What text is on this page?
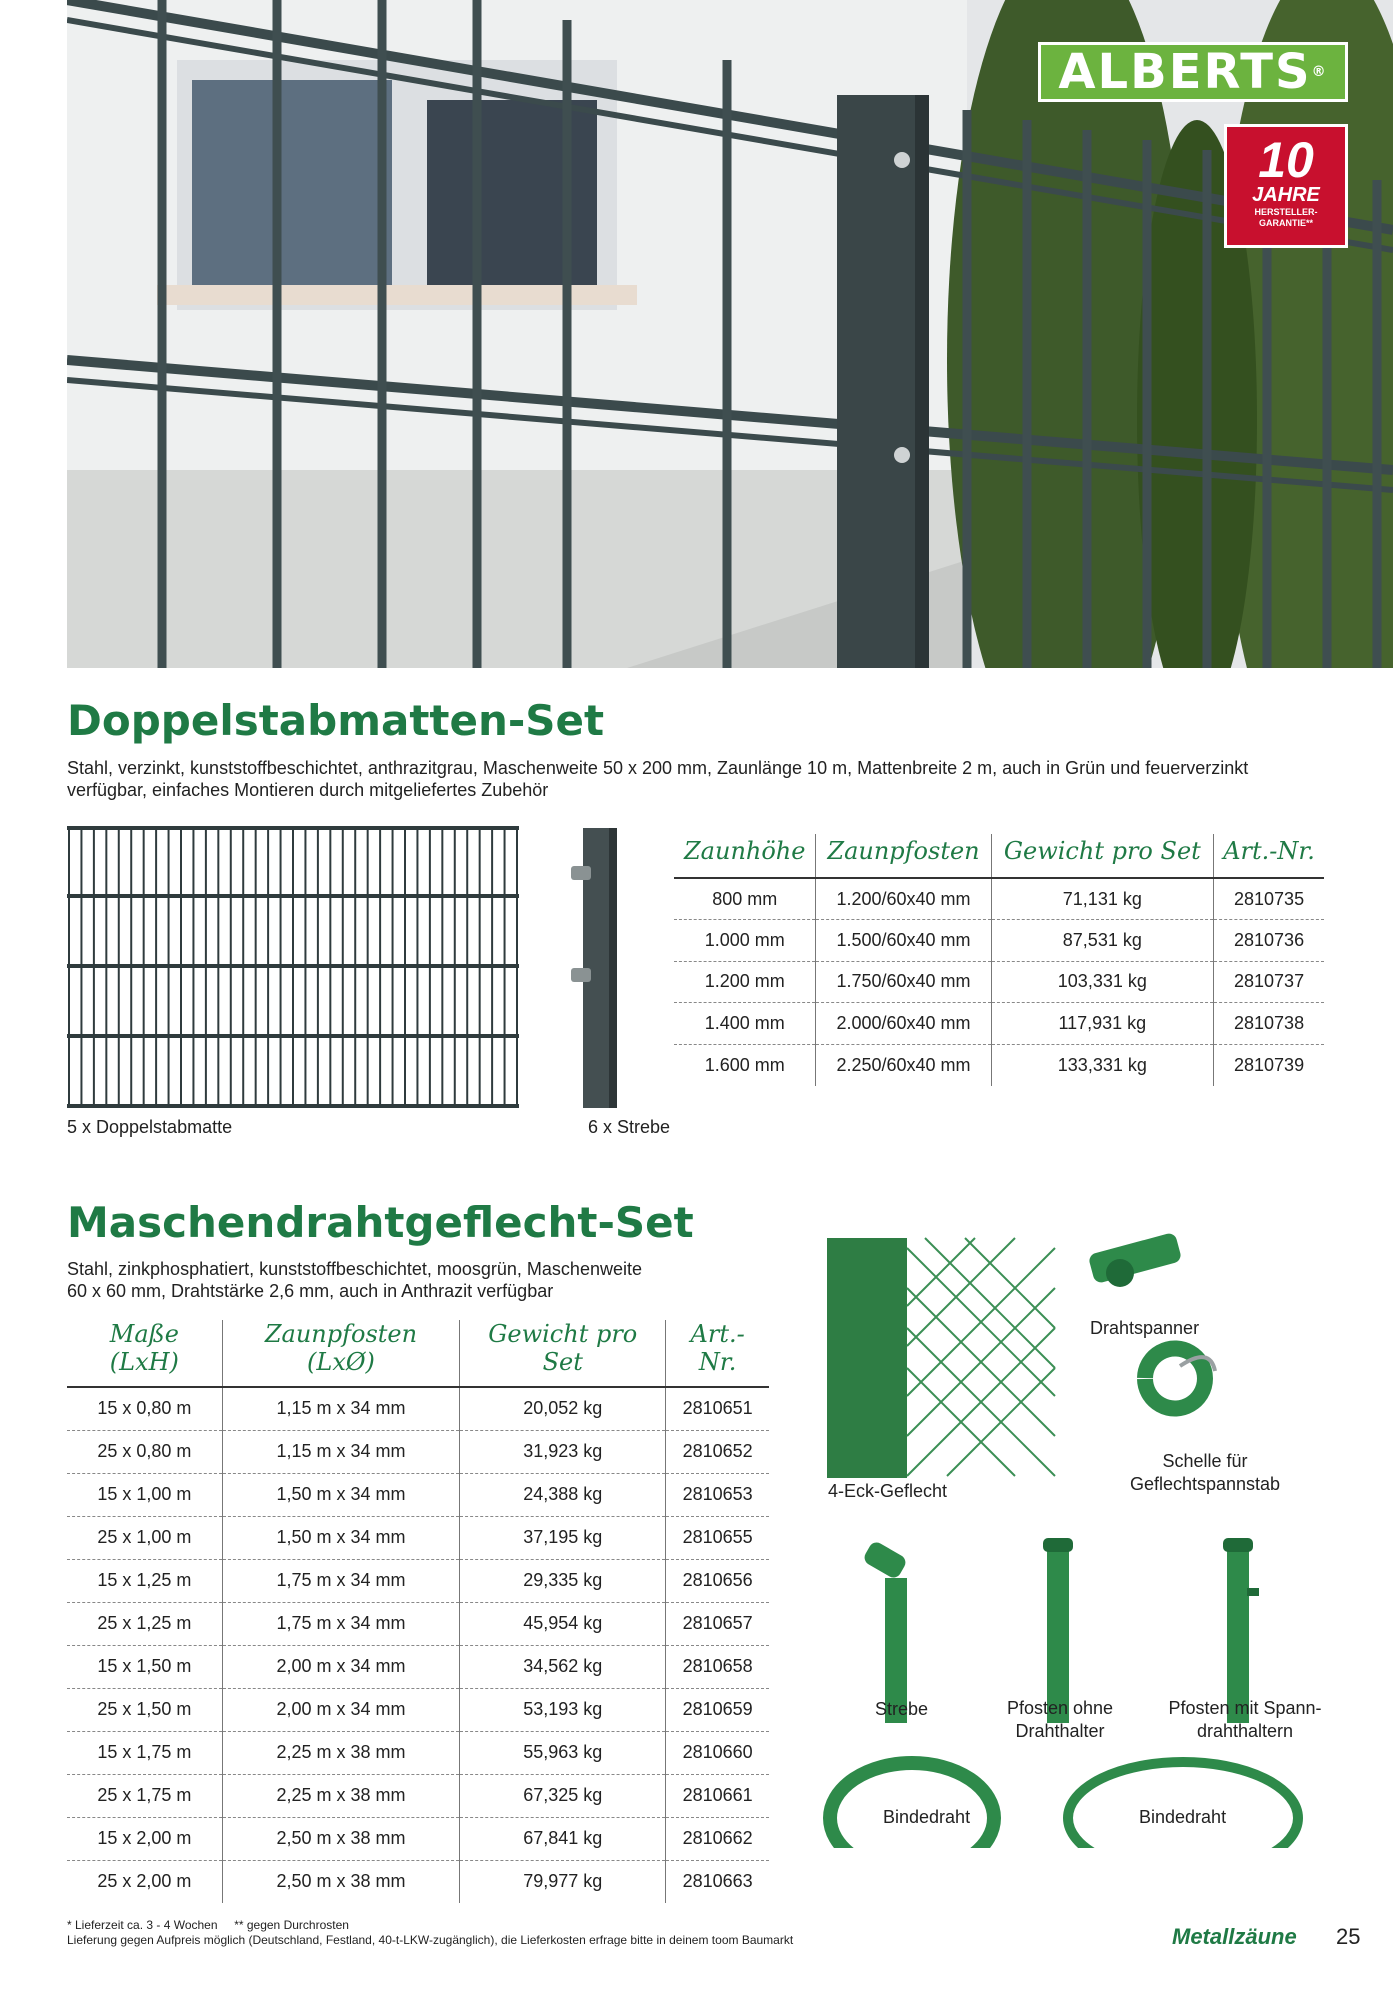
ALBERTS ®
10
JAHRE
HERSTELLER-
GARANTIE**
Doppelstabmatten-Set
Stahl, verzinkt, kunststoffbeschichtet, anthrazitgrau, Maschenweite 50 x 200 mm, Zaunlänge 10 m, Mattenbreite 2 m, auch in Grün und feuerverzinkt
verfügbar, einfaches Montieren durch mitgeliefertes Zubehör
5 x Doppelstabmatte	6 x Strebe
Zaunhöhe	Zaunpfosten	Gewicht pro Set	Art.-Nr.
800 mm	1.200/60x40 mm	71,131 kg	2810735
1.000 mm	1.500/60x40 mm	87,531 kg	2810736
1.200 mm	1.750/60x40 mm	103,331 kg	2810737
1.400 mm	2.000/60x40 mm	117,931 kg	2810738
1.600 mm	2.250/60x40 mm	133,331 kg	2810739
Maschendrahtgeflecht-Set
Stahl, zinkphosphatiert, kunststoffbeschichtet, moosgrün, Maschenweite
60 x 60 mm, Drahtstärke 2,6 mm, auch in Anthrazit verfügbar
Maße (LxH)	Zaunpfosten (LxØ)	Gewicht pro Set	Art.-Nr.
15 x 0,80 m	1,15 m x 34 mm	20,052 kg	2810651
25 x 0,80 m	1,15 m x 34 mm	31,923 kg	2810652
15 x 1,00 m	1,50 m x 34 mm	24,388 kg	2810653
25 x 1,00 m	1,50 m x 34 mm	37,195 kg	2810655
15 x 1,25 m	1,75 m x 34 mm	29,335 kg	2810656
25 x 1,25 m	1,75 m x 34 mm	45,954 kg	2810657
15 x 1,50 m	2,00 m x 34 mm	34,562 kg	2810658
25 x 1,50 m	2,00 m x 34 mm	53,193 kg	2810659
15 x 1,75 m	2,25 m x 38 mm	55,963 kg	2810660
25 x 1,75 m	2,25 m x 38 mm	67,325 kg	2810661
15 x 2,00 m	2,50 m x 38 mm	67,841 kg	2810662
25 x 2,00 m	2,50 m x 38 mm	79,977 kg	2810663
4-Eck-Geflecht
Drahtspanner
Schelle für
Geflechtspannstab
Strebe	Pfosten ohne
Drahthalter
Pfosten mit Spann-
drahthaltern
Bindedraht	Bindedraht
* Lieferzeit ca. 3 - 4 Wochen     ** gegen Durchrosten
Lieferung gegen Aufpreis möglich (Deutschland, Festland, 40-t-LKW-zugänglich), die Lieferkosten erfrage bitte in deinem toom Baumarkt	Metallzäune 25
